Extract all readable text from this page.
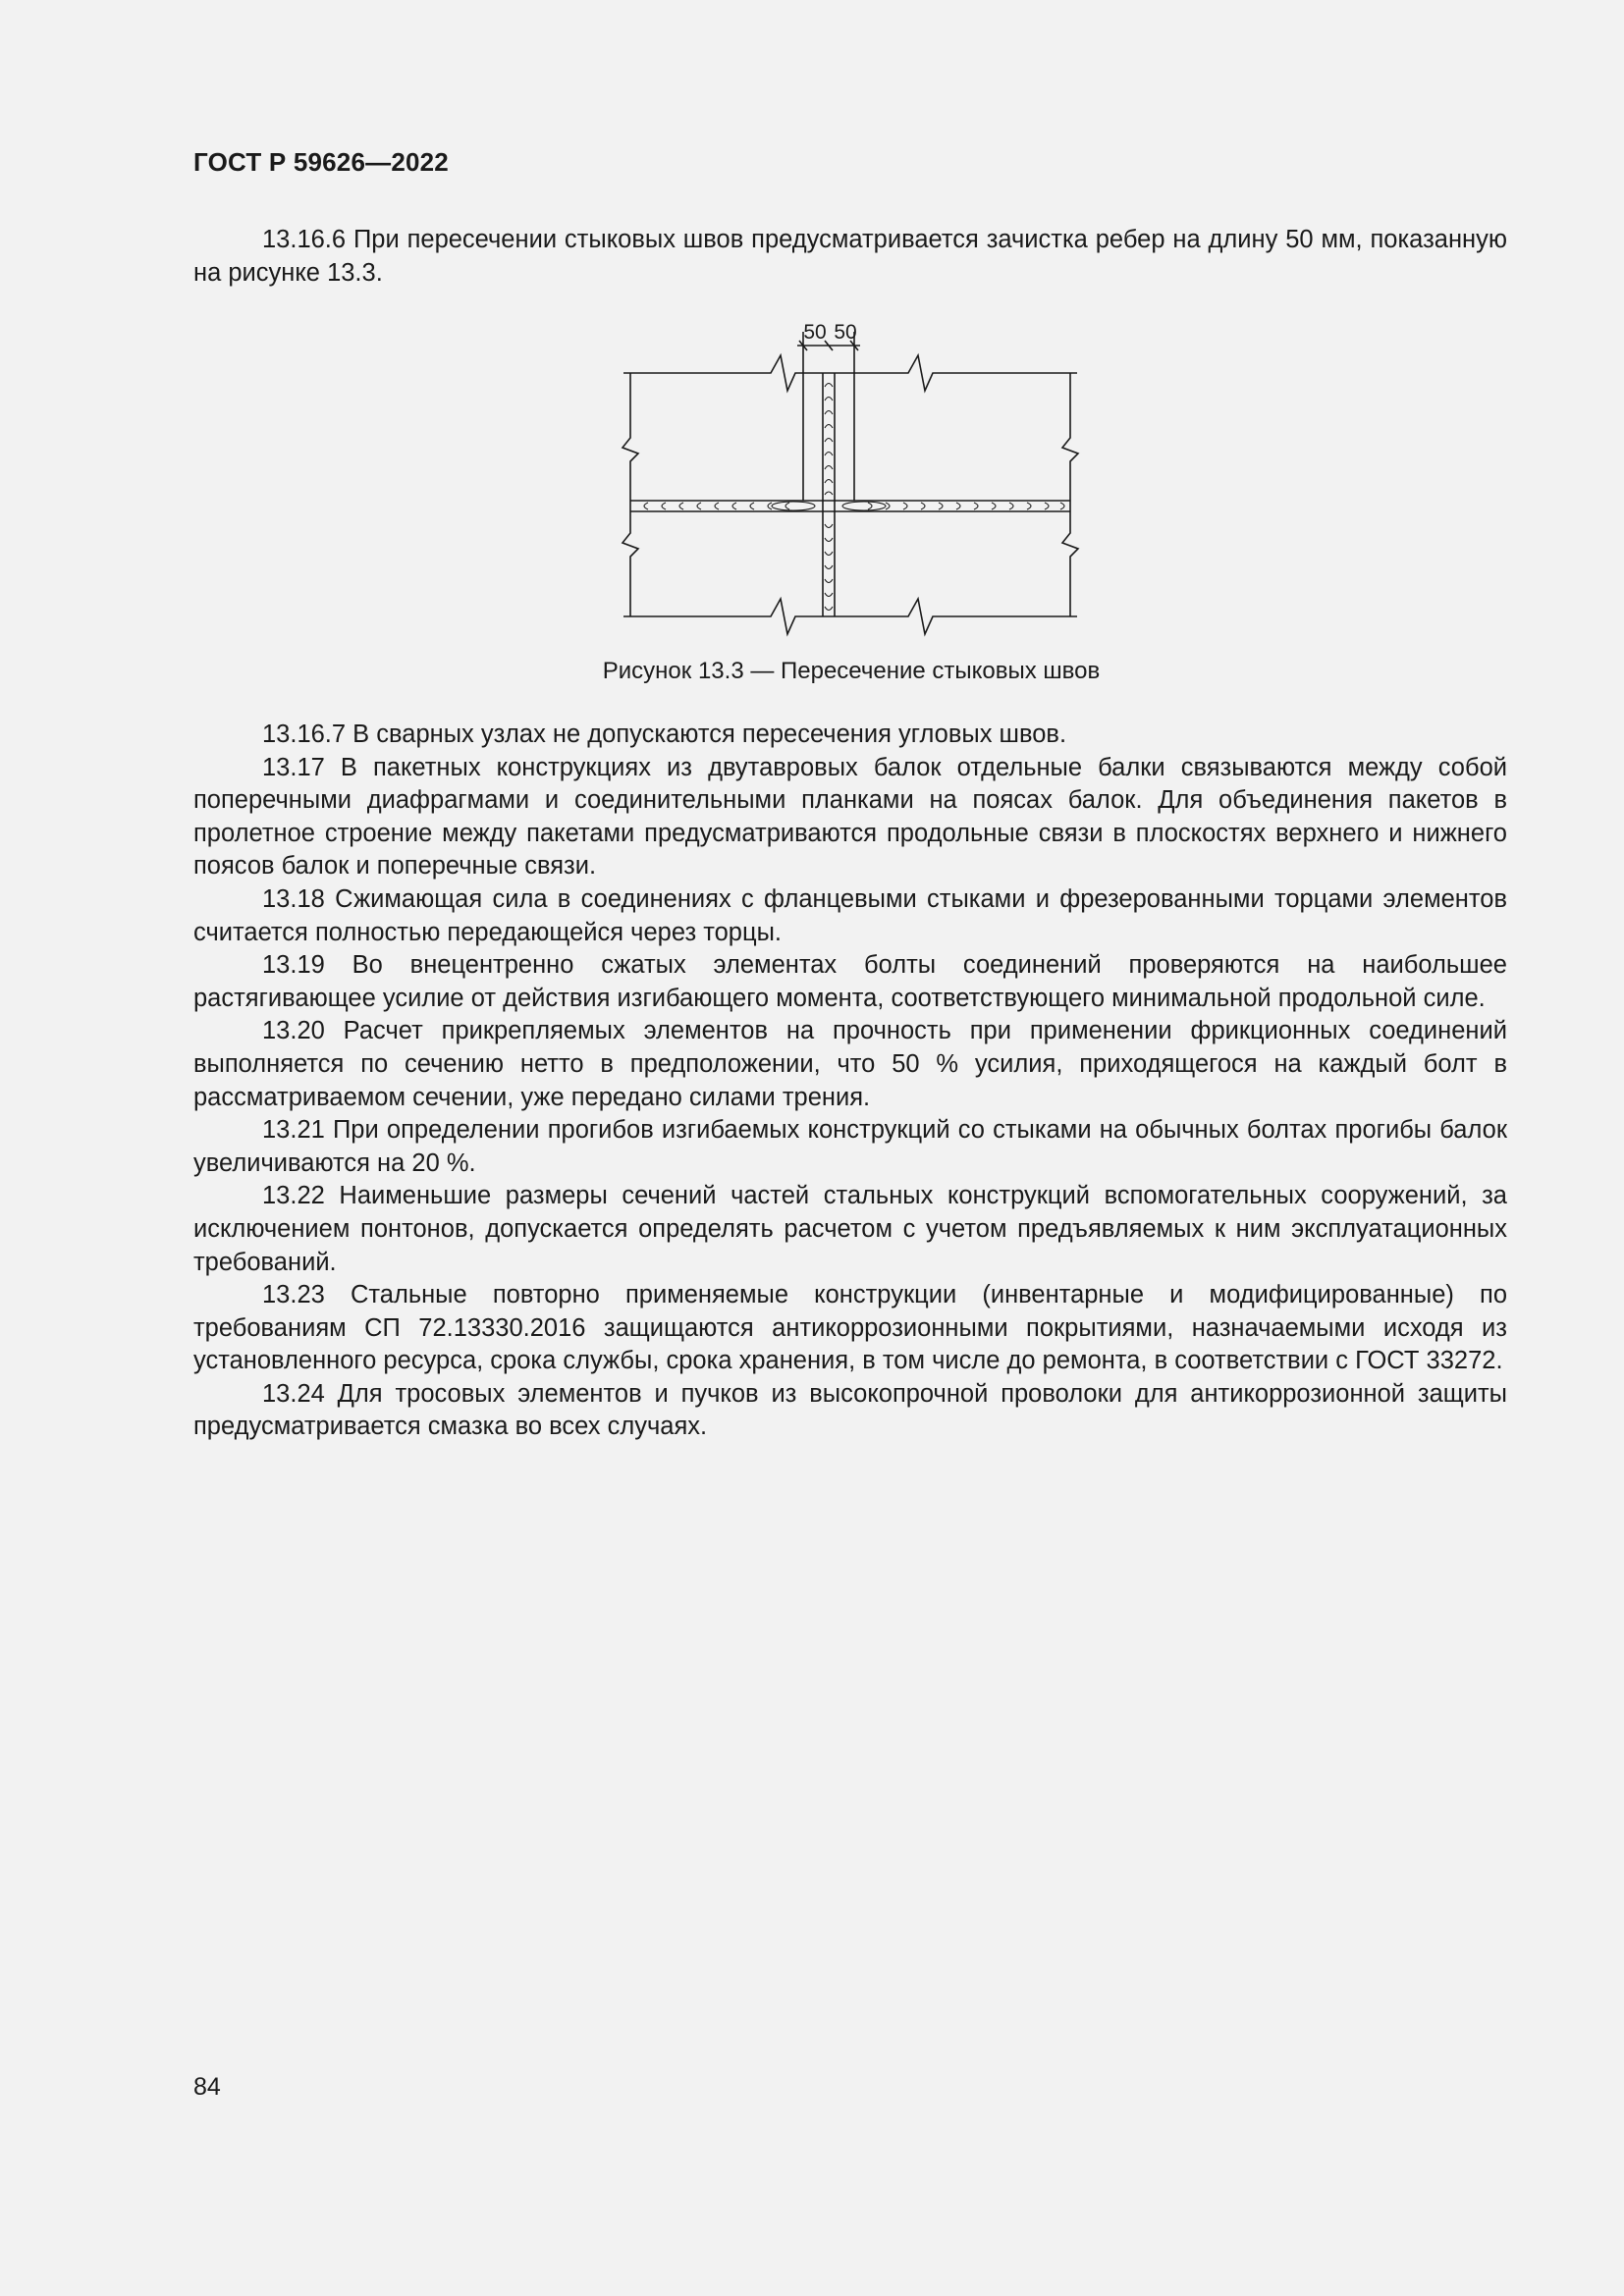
ГОСТ Р 59626—2022

13.16.6 При пересечении стыковых швов предусматривается зачистка ребер на длину 50 мм, показанную на рисунке 13.3.

50 50
Рисунок 13.3 — Пересечение стыковых швов

13.16.7 В сварных узлах не допускаются пересечения угловых швов.

13.17 В пакетных конструкциях из двутавровых балок отдельные балки связываются между собой поперечными диафрагмами и соединительными планками на поясах балок. Для объединения пакетов в пролетное строение между пакетами предусматриваются продольные связи в плоскостях верхнего и нижнего поясов балок и поперечные связи.

13.18 Сжимающая сила в соединениях с фланцевыми стыками и фрезерованными торцами элементов считается полностью передающейся через торцы.

13.19 Во внецентренно сжатых элементах болты соединений проверяются на наибольшее растягивающее усилие от действия изгибающего момента, соответствующего минимальной продольной силе.

13.20 Расчет прикрепляемых элементов на прочность при применении фрикционных соединений выполняется по сечению нетто в предположении, что 50 % усилия, приходящегося на каждый болт в рассматриваемом сечении, уже передано силами трения.

13.21 При определении прогибов изгибаемых конструкций со стыками на обычных болтах прогибы балок увеличиваются на 20 %.

13.22 Наименьшие размеры сечений частей стальных конструкций вспомогательных сооружений, за исключением понтонов, допускается определять расчетом с учетом предъявляемых к ним эксплуатационных требований.

13.23 Стальные повторно применяемые конструкции (инвентарные и модифицированные) по требованиям СП 72.13330.2016 защищаются антикоррозионными покрытиями, назначаемыми исходя из установленного ресурса, срока службы, срока хранения, в том числе до ремонта, в соответствии с ГОСТ 33272.

13.24 Для тросовых элементов и пучков из высокопрочной проволоки для антикоррозионной защиты предусматривается смазка во всех случаях.

84
